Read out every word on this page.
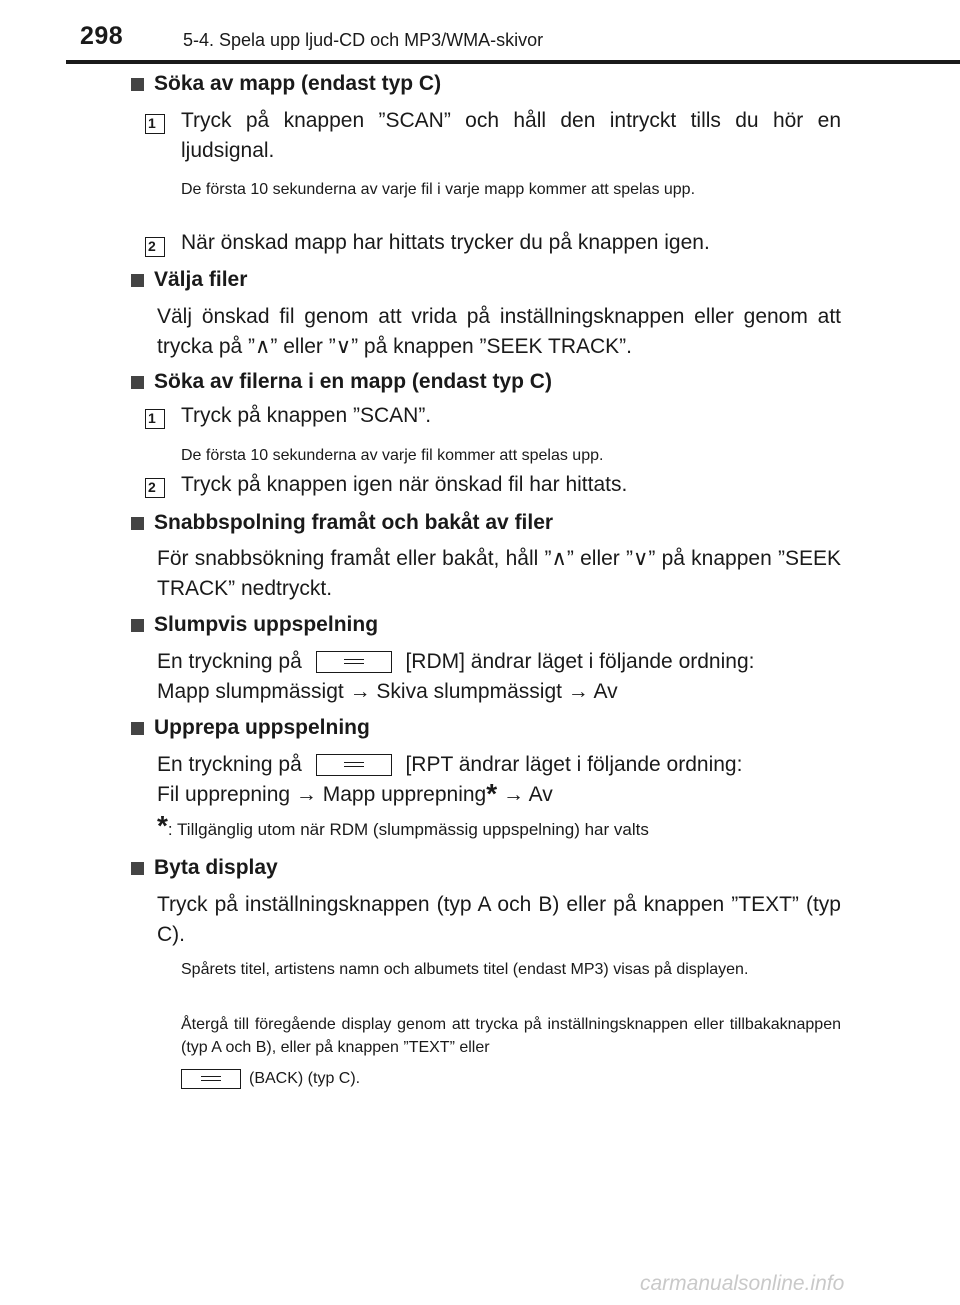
298	5-4. Spela upp ljud-CD och MP3/WMA-skivor
Söka av mapp (endast typ C)
1	Tryck på knappen ”SCAN” och håll den intryckt tills du hör en ljudsignal.

De första 10 sekunderna av varje fil i varje mapp kommer att spelas upp.

2	När önskad mapp har hittats trycker du på knappen igen.

Välja filer

Välj önskad fil genom att vrida på inställningsknappen eller genom att trycka på ”∧” eller ”∨” på knappen ”SEEK TRACK”.

Söka av filerna i en mapp (endast typ C)
1	Tryck på knappen ”SCAN”.

De första 10 sekunderna av varje fil kommer att spelas upp.

2	Tryck på knappen igen när önskad fil har hittats.

Snabbspolning framåt och bakåt av filer

För snabbsökning framåt eller bakåt, håll ”∧” eller ”∨” på knappen ”SEEK TRACK” nedtryckt.

Slumpvis uppspelning

En tryckning på	[RDM] ändrar läget i följande ordning:

Mapp slumpmässigt → Skiva slumpmässigt → Av

Upprepa uppspelning

En tryckning på	[RPT ändrar läget i följande ordning:

Fil upprepning → Mapp upprepning* → Av

*: Tillgänglig utom när RDM (slumpmässig uppspelning) har valts

Byta display

Tryck på inställningsknappen (typ A och B) eller på knappen ”TEXT” (typ C).

Spårets titel, artistens namn och albumets titel (endast MP3) visas på displayen.

Återgå till föregående display genom att trycka på inställningsknappen eller tillbakaknappen (typ A och B), eller på knappen ”TEXT” eller

(BACK) (typ C).

carmanualsonline.info
